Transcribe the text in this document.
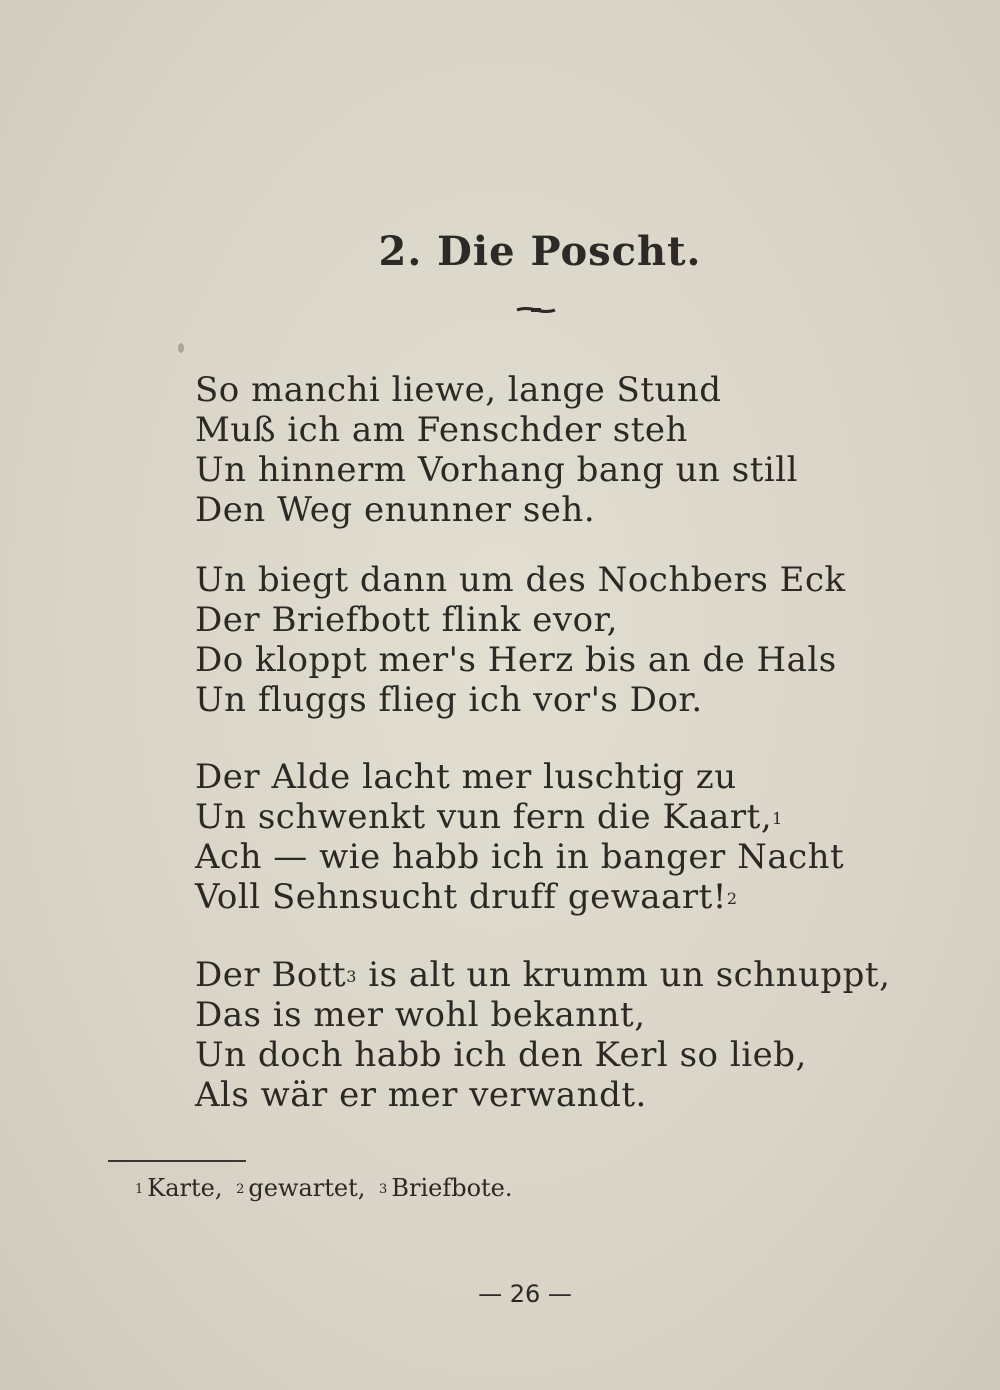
2. Die Poscht.
So manchi liewe, lange Stund
Muß ich am Fenschder steh
Un hinnerm Vorhang bang un still
Den Weg enunner seh.
Un biegt dann um des Nochbers Eck
Der Briefbott flink evor,
Do kloppt mer's Herz bis an de Hals
Un fluggs flieg ich vor's Dor.
Der Alde lacht mer luschtig zu
Un schwenkt vun fern die Kaart,$^1$
Ach — wie habb ich in banger Nacht
Voll Sehnsucht druff gewaart!$^2$
Der Bott$^3$ is alt un krumm un schnuppt,
Das is mer wohl bekannt,
Un doch habb ich den Kerl so lieb,
Als wär er mer verwandt.
$^1$ Karte, $^2$ gewartet, $^3$ Briefbote.
— 26 —
